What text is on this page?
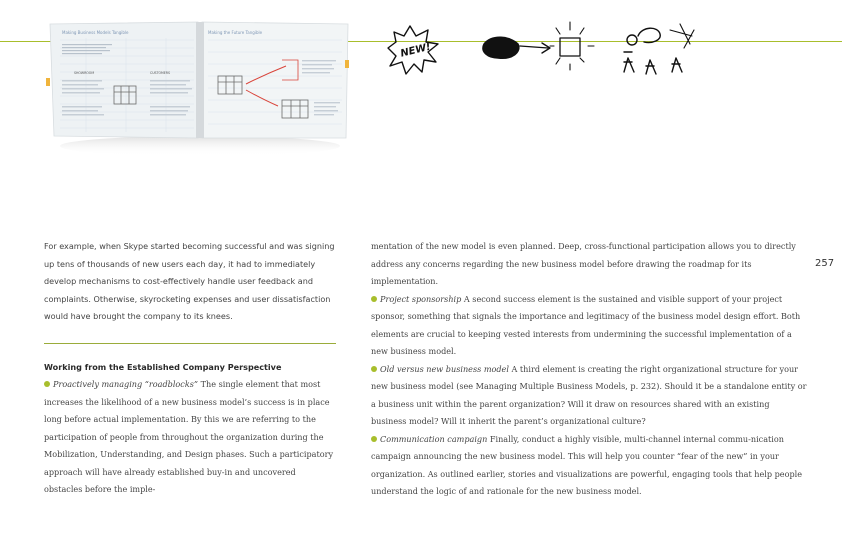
Making Business Models Tangible	Making the Future Tangible
SHOWROOM	CUSTOMERS
NEW!
257

For example, when Skype started becoming successful and was signing up tens of thousands of new users each day, it had to immediately develop mechanisms to cost-effectively handle user feedback and complaints. Otherwise, skyrocketing expenses and user dissatisfaction would have brought the company to its knees.

Working from the Established Company Perspective

Proactively managing “roadblocks” The single element that most increases the likelihood of a new business model’s success is in place long before actual implementation. By this we are referring to the participation of people from throughout the organization during the Mobilization, Understanding, and Design phases. Such a participatory approach will have already established buy-in and uncovered obstacles before the imple-

mentation of the new model is even planned. Deep, cross-functional participation allows you to directly address any concerns regarding the new business model before drawing the roadmap for its implementation.

Project sponsorship A second success element is the sustained and visible support of your project sponsor, something that signals the importance and legitimacy of the business model design effort. Both elements are crucial to keeping vested interests from undermining the successful implementation of a new business model.

Old versus new business model A third element is creating the right organizational structure for your new business model (see Managing Multiple Business Models, p. 232). Should it be a standalone entity or a business unit within the parent organization? Will it draw on resources shared with an existing business model? Will it inherit the parent’s organizational culture?

Communication campaign Finally, conduct a highly visible, multi-channel internal commu-nication campaign announcing the new business model. This will help you counter “fear of the new” in your organization. As outlined earlier, stories and visualizations are powerful, engaging tools that help people understand the logic of and rationale for the new business model.
